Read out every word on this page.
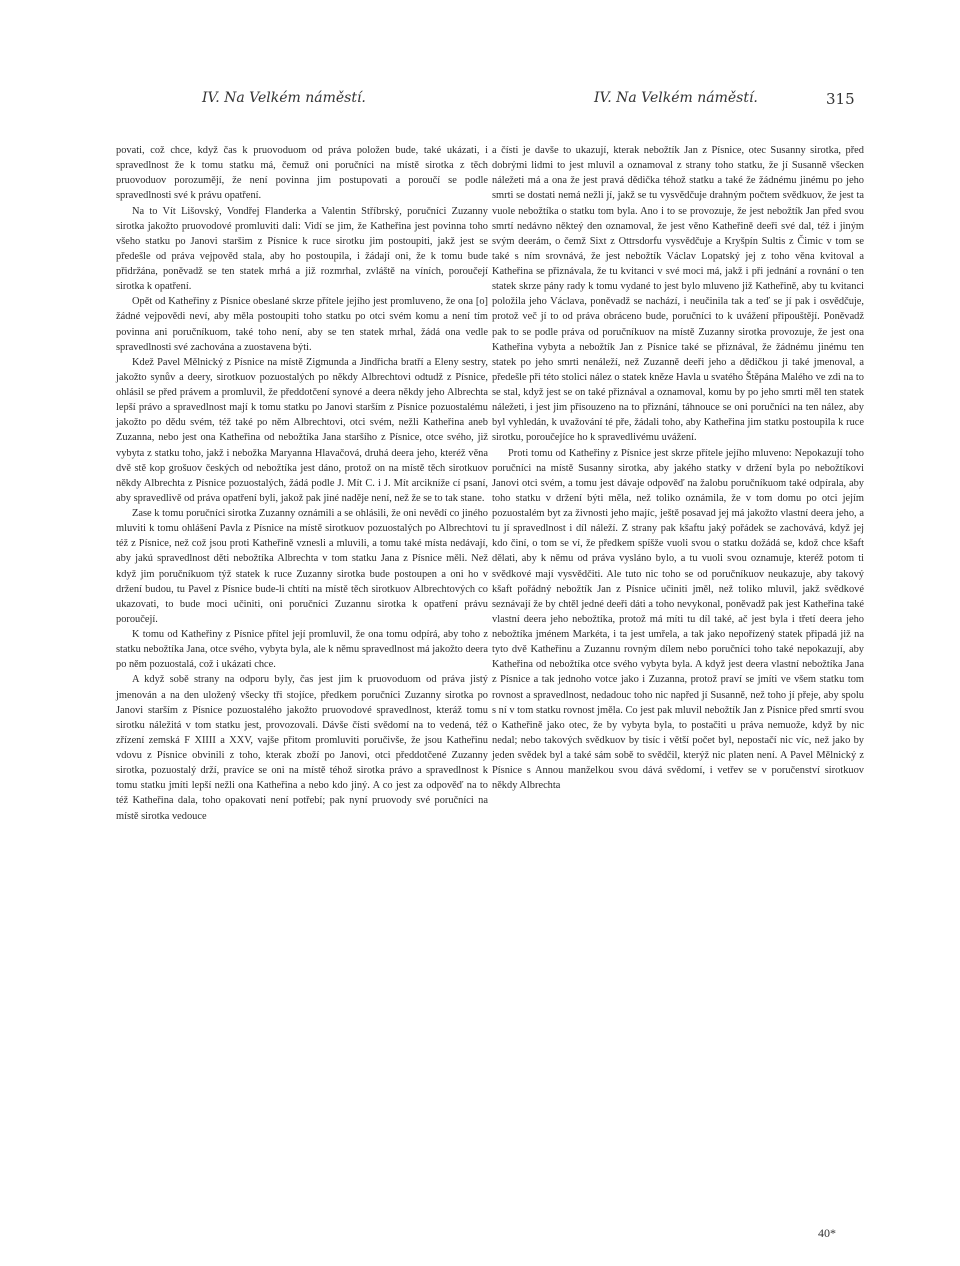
IV. Na Velkém náměstí.	IV. Na Velkém náměstí.	315

povati, což chce, když čas k pruovoduom od práva položen bude, také ukázati, i spravedlnost že k tomu statku má, čemuž oni poručníci na místě sirotka z těch pruovoduov porozumějí, že není povinna jim postupovati a poroučí se podle spravedlnosti své k právu opatření.

Na to Vít Lišovský, Vondřej Flanderka a Valentin Stříbrský, poručníci Zuzanny sirotka jakožto pruovodové promluviti dali: Vidí se jim, že Katheřina jest povinna toho všeho statku po Janovi staršim z Písnice k ruce sirotku jim postoupiti, jakž jest se předešle od práva vejpověd stala, aby ho postoupila, i žádají oni, že k tomu bude přidržána, poněvadž se ten statek mrhá a již rozmrhal, zvláště na víních, poroučejí sirotka k opatření.

Opět od Katheřiny z Písnice obeslané skrze přítele jejího jest promluveno, že ona [o] žádné vejpovědi neví, aby měla postoupiti toho statku po otci svém komu a není tím povinna ani poručníkuom, také toho není, aby se ten statek mrhal, žádá ona vedle spravedlnosti své zachována a zuostavena býti.

Kdež Pavel Mělnický z Písnice na místě Zigmunda a Jindřicha bratří a Eleny sestry, jakožto synův a deery, sirotkuov pozuostalých po někdy Albrechtovi odtudž z Písnice, ohlásil se před právem a promluvil, že předdotčení synové a deera někdy jeho Albrechta lepší právo a spravedlnost mají k tomu statku po Janovi starším z Písnice pozuostalému jakožto po dědu svém, též také po něm Albrechtovi, otci svém, nežli Katheřina aneb Zuzanna, nebo jest ona Katheřina od nebožtíka Jana staršího z Písnice, otce svého, již vybyta z statku toho, jakž i nebožka Maryanna Hlavačová, druhá deera jeho, kteréž věna dvě stě kop grošuov českých od nebožtíka jest dáno, protož on na místě těch sirotkuov někdy Albrechta z Písnice pozuostalých, žádá podle J. Mít C. i J. Mít arcikníže cí psaní, aby spravedlivě od práva opatření byli, jakož pak jiné naděje není, než že se to tak stane.

Zase k tomu poručníci sirotka Zuzanny oznámili a se ohlásili, že oni nevědí co jiného mluviti k tomu ohlášení Pavla z Písnice na místě sirotkuov pozuostalých po Albrechtovi též z Písnice, než což jsou proti Katheřině vznesli a mluvili, a tomu také místa nedávají, aby jakú spravedlnost děti nebožtíka Albrechta v tom statku Jana z Písnice měli. Než když jim poručníkuom týž statek k ruce Zuzanny sirotka bude postoupen a oni ho v držení budou, tu Pavel z Písnice bude-li chtíti na místě těch sirotkuov Albrechtových co ukazovati, to bude moci učiniti, oni poručníci Zuzannu sirotka k opatření právu poroučejí.

K tomu od Katheřiny z Písnice přítel její promluvil, že ona tomu odpírá, aby toho z statku nebožtíka Jana, otce svého, vybyta byla, ale k němu spravedlnost má jakožto deera po něm pozuostalá, což i ukázati chce.

A když sobě strany na odporu byly, čas jest jim k pruovoduom od práva jistý jmenován a na den uložený všecky tři stojíce, předkem poručníci Zuzanny sirotka po Janovi starším z Písnice pozuostalého jakožto pruovodové spravedlnost, kteráž tomu sirotku náležitá v tom statku jest, provozovali. Dávše čísti svědomí na to vedená, též zřízení zemská F XIIII a XXV, vajše přitom promluviti poručivše, že jsou Katheřinu vdovu z Písnice obvinili z toho, kterak zboží po Janovi, otci předdotčené Zuzanny sirotka, pozuostalý drží, pravíce se oni na místě téhož sirotka právo a spravedlnost k tomu statku jmíti lepší nežli ona Katheřina a nebo kdo jiný. A co jest za odpověď na to též Katheřina dala, toho opakovati není potřebí; pak nyní pruovody své poručníci na místě sirotka vedouce

a čísti je davše to ukazují, kterak nebožtík Jan z Písnice, otec Susanny sirotka, před dobrými lidmi to jest mluvil a oznamoval z strany toho statku, že jí Susanně všecken náležeti má a ona že jest pravá dědička téhož statku a také že žádnému jinému po jeho smrti se dostati nemá nežli jí, jakž se tu vysvědčuje drahným počtem svědkuov, že jest ta vuole nebožtíka o statku tom byla. Ano i to se provozuje, že jest nebožtík Jan před svou smrtí nedávno někteý den oznamoval, že jest věno Katheřině deeři své dal, též i jiným svým deerám, o čemž Sixt z Ottrsdorfu vysvědčuje a Kryšpín Sultis z Čimic v tom se také s ním srovnává, že jest nebožtík Václav Lopatský jej z toho věna kvitoval a Katheřina se přiznávala, že tu kvitanci v své moci má, jakž i při jednání a rovnání o ten statek skrze pány rady k tomu vydané to jest bylo mluveno již Katheřině, aby tu kvitanci položila jeho Václava, poněvadž se nachází, i neučinila tak a teď se jí pak i osvědčuje, protož več jí to od práva obráceno bude, poručníci to k uvážení připouštějí. Poněvadž pak to se podle práva od poručníkuov na místě Zuzanny sirotka provozuje, že jest ona Katheřina vybyta a nebožtík Jan z Písnice také se přiznával, že žádnému jinému ten statek po jeho smrti nenáleží, než Zuzanně deeři jeho a dědičkou ji také jmenoval, a předešle při této stolici nález o statek kněze Havla u svatého Štěpána Malého ve zdi na to se stal, když jest se on také přiznával a oznamoval, komu by po jeho smrti měl ten statek náležeti, i jest jim přisouzeno na to přiznání, táhnouce se oni poručníci na ten nález, aby byl vyhledán, k uvažování té pře, žádali toho, aby Katheřina jim statku postoupila k ruce sirotku, poroučejíce ho k spravedlivému uvážení.

Proti tomu od Katheřiny z Písnice jest skrze přítele jejího mluveno: Nepokazují toho poručníci na místě Susanny sirotka, aby jakého statky v držení byla po nebožtíkovi Janovi otci svém, a tomu jest dávaje odpověď na žalobu poručníkuom také odpírala, aby toho statku v držení býti měla, než toliko oznámila, že v tom domu po otci jejím pozuostalém byt za živnosti jeho majíc, ještě posavad jej má jakožto vlastní deera jeho, a tu jí spravedlnost i díl náleží. Z strany pak kšaftu jaký pořádek se zachovává, když jej kdo činí, o tom se ví, že předkem spíšže vuoli svou o statku dožádá se, kdož chce kšaft dělati, aby k němu od práva vysláno bylo, a tu vuoli svou oznamuje, kteréž potom ti svědkové mají vysvědčiti. Ale tuto nic toho se od poručníkuov neukazuje, aby takový kšaft pořádný nebožtík Jan z Písnice učiniti jměl, než toliko mluvil, jakž svědkové seznávají že by chtěl jedné deeři dáti a toho nevykonal, poněvadž pak jest Katheřina také vlastní deera jeho nebožtíka, protož má míti tu díl také, ač jest byla i třetí deera jeho nebožtíka jménem Markéta, i ta jest umřela, a tak jako nepořízený statek připadá již na tyto dvě Katheřinu a Zuzannu rovným dílem nebo poručníci toho také nepokazují, aby Katheřina od nebožtíka otce svého vybyta byla. A když jest deera vlastní nebožtíka Jana z Písnice a tak jednoho votce jako i Zuzanna, protož praví se jmíti ve všem statku tom rovnost a spravedlnost, nedadouc toho nic napřed jí Susanně, než toho jí přeje, aby spolu s ní v tom statku rovnost jměla. Co jest pak mluvil nebožtík Jan z Písnice před smrtí svou o Katheřině jako otec, že by vybyta byla, to postačiti u práva nemuože, když by nic nedal; nebo takových svědkuov by tisíc i větší počet byl, nepostačí nic víc, než jako by jeden svědek byl a také sám sobě to svědčil, kterýž nic platen není. A Pavel Mělnický z Písnice s Annou manželkou svou dává svědomí, i vetřev se v poručenství sirotkuov někdy Albrechta

40*
